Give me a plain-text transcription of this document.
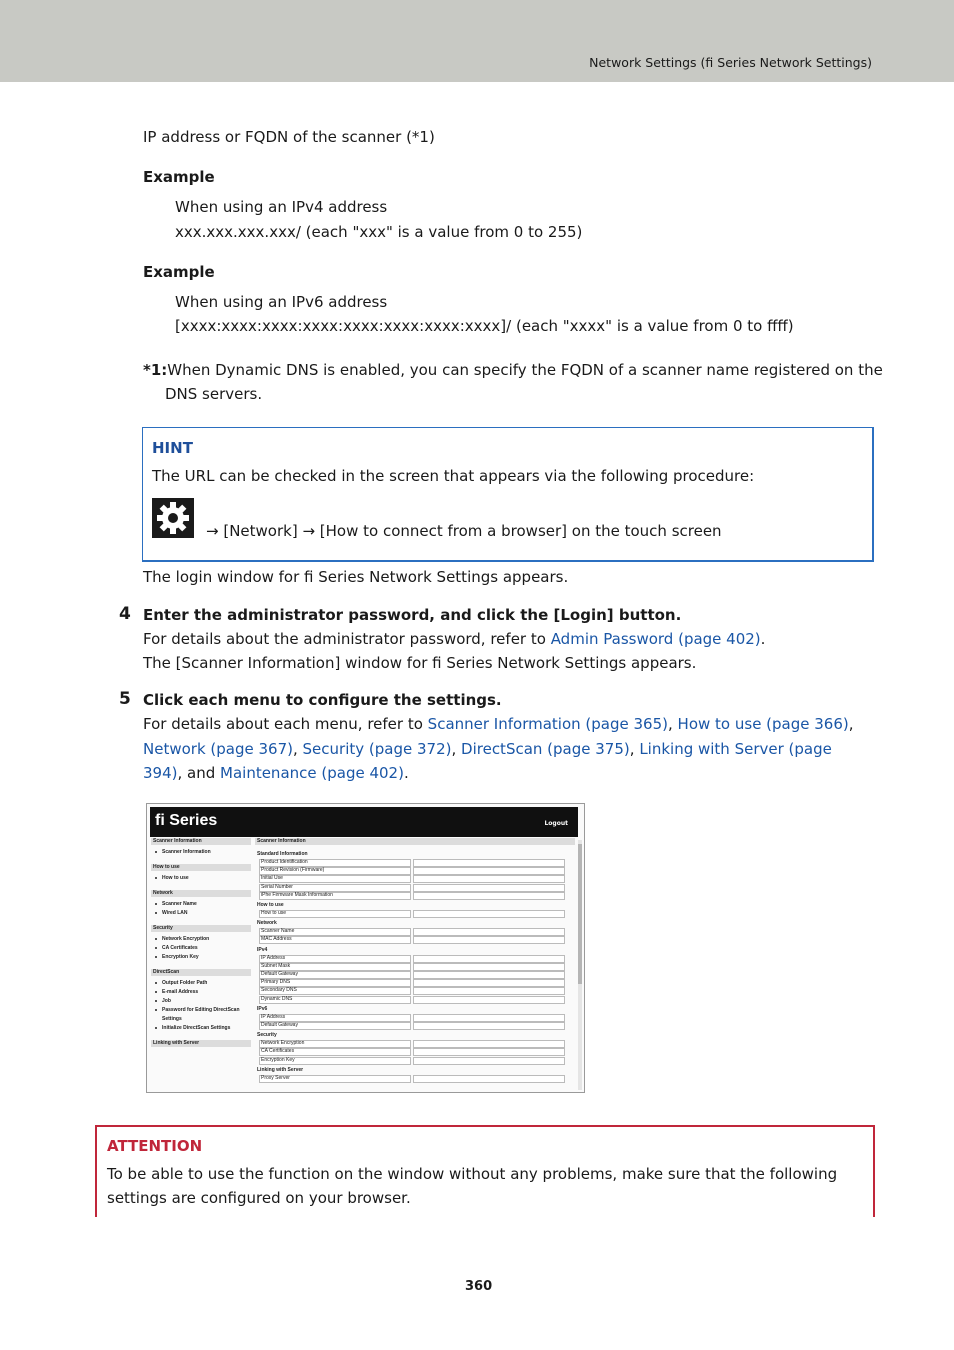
Network Settings (fi Series Network Settings)
IP address or FQDN of the scanner (*1)
Example
When using an IPv4 address
xxx.xxx.xxx.xxx/ (each "xxx" is a value from 0 to 255)
Example
When using an IPv6 address
[xxxx:xxxx:xxxx:xxxx:xxxx:xxxx:xxxx:xxxx]/ (each "xxxx" is a value from 0 to ffff)
*1:When Dynamic DNS is enabled, you can specify the FQDN of a scanner name registered on the
DNS servers.
HINT
The URL can be checked in the screen that appears via the following procedure:
→ [Network] → [How to connect from a browser] on the touch screen
The login window for fi Series Network Settings appears.
4 Enter the administrator password, and click the [Login] button.
For details about the administrator password, refer to Admin Password (page 402).
The [Scanner Information] window for fi Series Network Settings appears.
5 Click each menu to configure the settings.
For details about each menu, refer to Scanner Information (page 365), How to use (page 366),
Network (page 367), Security (page 372), DirectScan (page 375), Linking with Server (page
394), and Maintenance (page 402).
fi Series	Logout
Scanner Information
Scanner Information
How to use
How to use
Network
Scanner Name
Wired LAN
Security
Network Encryption
CA Certificates
Encryption Key
DirectScan
Output Folder Path
E-mail Address
Job
Password for Editing DirectScan
Settings
Initialize DirectScan Settings
Linking with Server
Scanner Information
Standard Information
Product Identification
Product Revision (Firmware)
Initial Use
Serial Number
iPhe Firmware Mask Information
How to use
How to use
Network
Scanner Name
MAC Address
IPv4
IP Address
Subnet Mask
Default Gateway
Primary DNS
Secondary DNS
Dynamic DNS
IPv6
IP Address
Default Gateway
Security
Network Encryption
CA Certificates
Encryption Key
Linking with Server
Proxy Server
ATTENTION
To be able to use the function on the window without any problems, make sure that the following
settings are configured on your browser.
360
